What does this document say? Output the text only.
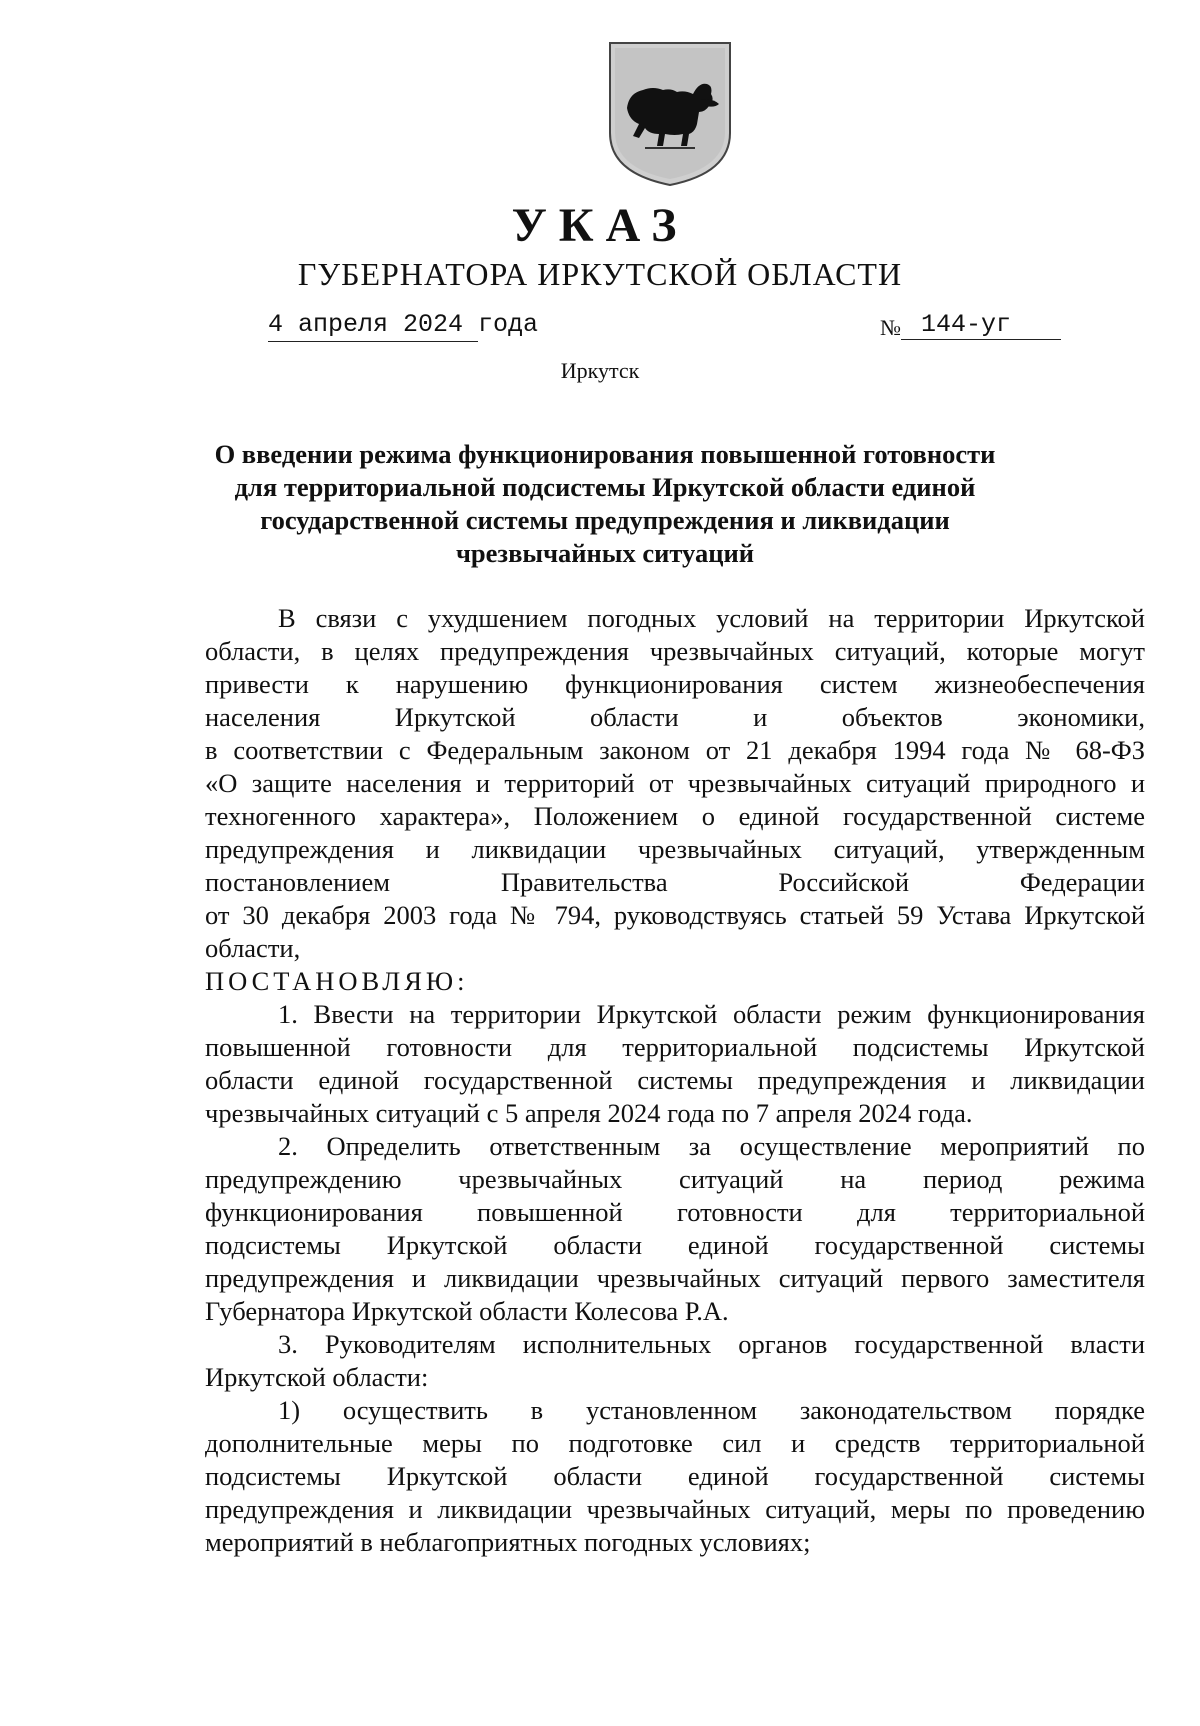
УКАЗ
ГУБЕРНАТОРА ИРКУТСКОЙ ОБЛАСТИ
4 апреля 2024 года	№ 144-уг
Иркутск
О введении режима функционирования повышенной готовности
для территориальной подсистемы Иркутской области единой
государственной системы предупреждения и ликвидации
чрезвычайных ситуаций
В связи с ухудшением погодных условий на территории Иркутской
области, в целях предупреждения чрезвычайных ситуаций, которые могут
привести к нарушению функционирования систем жизнеобеспечения
населения Иркутской области и объектов экономики,
в соответствии с Федеральным законом от 21 декабря 1994 года № 68-ФЗ
«О защите населения и территорий от чрезвычайных ситуаций природного и
техногенного характера», Положением о единой государственной системе
предупреждения и ликвидации чрезвычайных ситуаций, утвержденным
постановлением Правительства Российской Федерации
от 30 декабря 2003 года № 794, руководствуясь статьей 59 Устава Иркутской
области,
ПОСТАНОВЛЯЮ:
1. Ввести на территории Иркутской области режим функционирования
повышенной готовности для территориальной подсистемы Иркутской
области единой государственной системы предупреждения и ликвидации
чрезвычайных ситуаций с 5 апреля 2024 года по 7 апреля 2024 года.
2. Определить ответственным за осуществление мероприятий по
предупреждению чрезвычайных ситуаций на период режима
функционирования повышенной готовности для территориальной
подсистемы Иркутской области единой государственной системы
предупреждения и ликвидации чрезвычайных ситуаций первого заместителя
Губернатора Иркутской области Колесова Р.А.
3. Руководителям исполнительных органов государственной власти
Иркутской области:
1) осуществить в установленном законодательством порядке
дополнительные меры по подготовке сил и средств территориальной
подсистемы Иркутской области единой государственной системы
предупреждения и ликвидации чрезвычайных ситуаций, меры по проведению
мероприятий в неблагоприятных погодных условиях;
